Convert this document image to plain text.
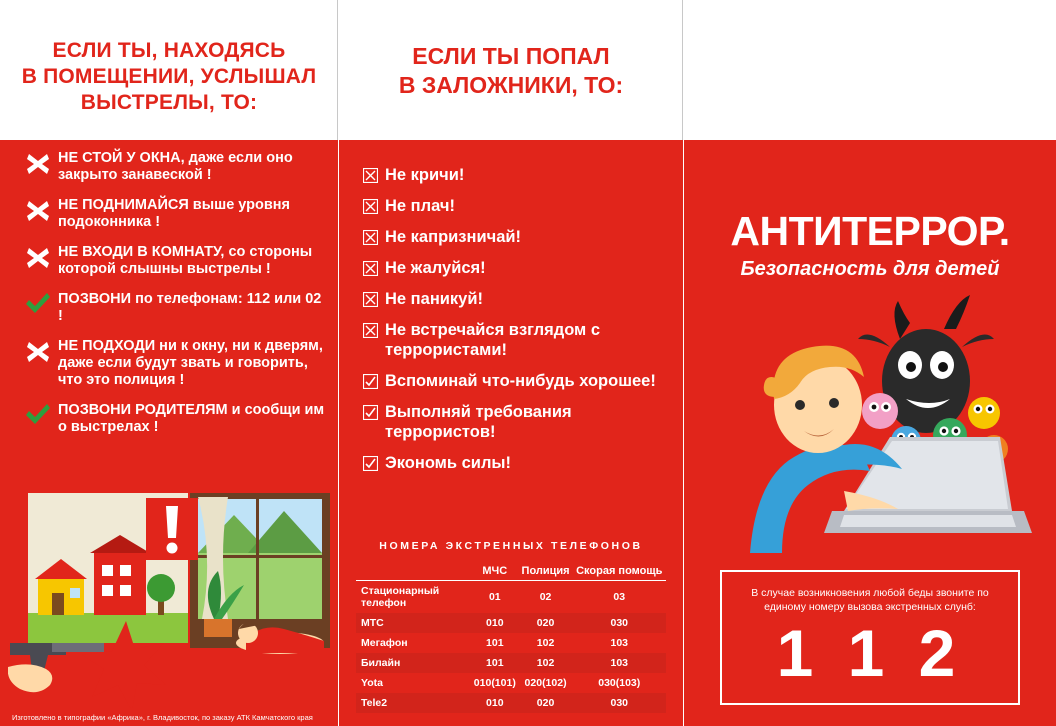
ЕСЛИ ТЫ, НАХОДЯСЬ
В ПОМЕЩЕНИИ, УСЛЫШАЛ
ВЫСТРЕЛЫ, ТО:
НЕ СТОЙ У ОКНА, даже если оно закрыто занавеской !
НЕ ПОДНИМАЙСЯ выше уровня подоконника !
НЕ ВХОДИ В КОМНАТУ, со стороны которой слышны выстрелы !
ПОЗВОНИ по телефонам: 112 или 02 !
НЕ ПОДХОДИ ни к окну, ни к дверям, даже если будут звать и говорить, что это полиция !
ПОЗВОНИ РОДИТЕЛЯМ и сообщи им о выстрелах !
Изготовлено в типографии «Африка», г. Владивосток, по заказу АТК Камчатского края
ЕСЛИ ТЫ ПОПАЛ
В ЗАЛОЖНИКИ, ТО:
Не кричи!
Не плач!
Не капризничай!
Не жалуйся!
Не паникуй!
Не встречайся взглядом с террористами!
Вспоминай что-нибудь хорошее!
Выполняй требования террористов!
Экономь силы!
НОМЕРА ЭКСТРЕННЫХ ТЕЛЕФОНОВ
	МЧС	Полиция	Скорая помощь
Стационарный телефон	01	02	03
МТС	010	020	030
Мегафон	101	102	103
Билайн	101	102	103
Yota	010(101)	020(102)	030(103)
Tele2	010	020	030
АНТИТЕРРОР.
Безопасность для детей
В случае возникновения любой беды звоните по единому номеру вызова экстренных слунб:
1 1 2
